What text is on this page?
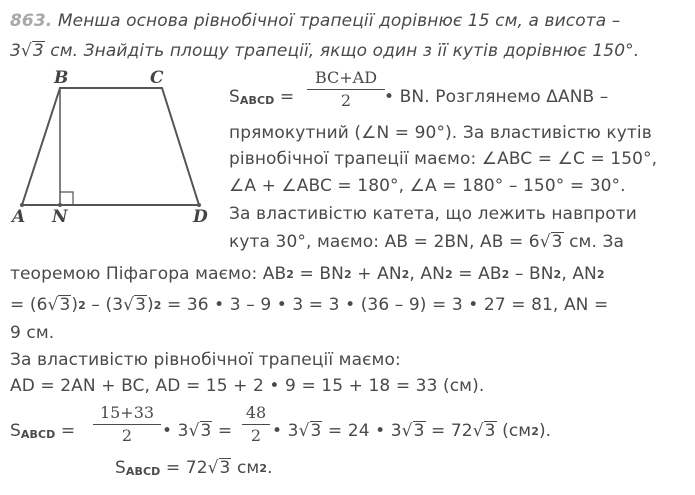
863. Менша основа рівнобічної трапеції дорівнює 15 см, а висота –
3√3 см. Знайдіть площу трапеції, якщо один з її кутів дорівнює 150°.
B	C
A N	D
SABCD =
BC+AD
2	• BN. Розглянемо ΔANB –
прямокутний (∠N = 90°). За властивістю кутів
рівнобічної трапеції маємо: ∠ABC = ∠C = 150°,
∠A + ∠ABC = 180°, ∠A = 180° – 150° = 30°.
За властивістю катета, що лежить навпроти
кута 30°, маємо: AB = 2BN, AB = 6√3 см. За
теоремою Піфагора маємо: $AB^2 = BN^2 + AN^2$, $AN^2 = AB^2 - BN^2$, $AN^2$
= $(6√3)^2 - (3√3)^2 = 36$ • 3 – 9 • 3 = 3 • (36 – 9) = 3 • 27 = 81, AN =
9 см.
За властивістю рівнобічної трапеції маємо:
AD = 2AN + BC, AD = 15 + 2 • 9 = 15 + 18 = 33 (см).
SABCD =
15+33
2	• 3√3 =
48
2 • 3√3 = 24 • 3√3 = 72√3 $(см^2)$.
SABCD = 72√3 $см^2$.
